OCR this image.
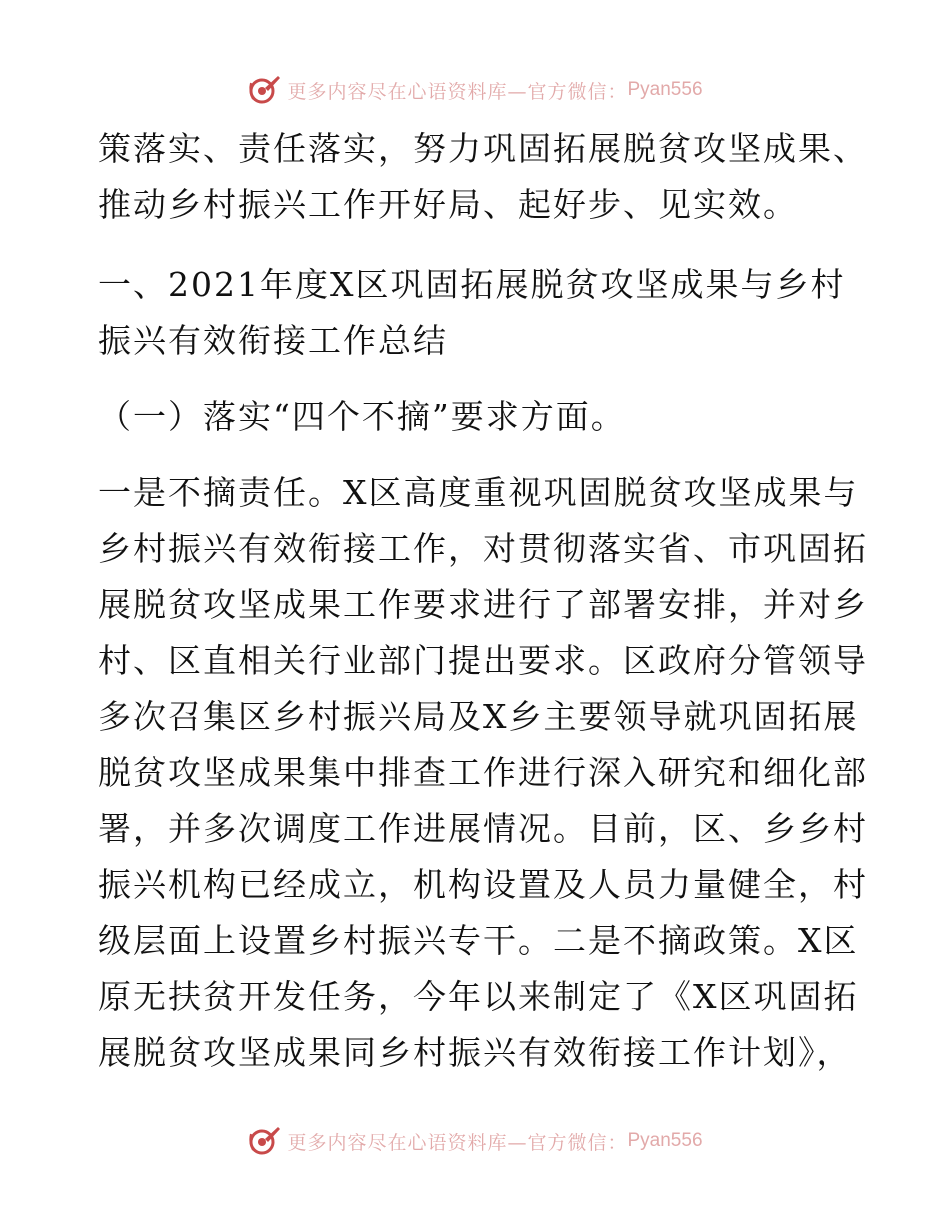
更多内容尽在心语资料库—官方微信： Pyan556
策落实、责任落实，努力巩固拓展脱贫攻坚成果、
推动乡村振兴工作开好局、起好步、见实效。
一、2021年度X区巩固拓展脱贫攻坚成果与乡村
振兴有效衔接工作总结
（一）落实“四个不摘”要求方面。
一是不摘责任。X区高度重视巩固脱贫攻坚成果与
乡村振兴有效衔接工作，对贯彻落实省、市巩固拓
展脱贫攻坚成果工作要求进行了部署安排，并对乡
村、区直相关行业部门提出要求。区政府分管领导
多次召集区乡村振兴局及X乡主要领导就巩固拓展
脱贫攻坚成果集中排查工作进行深入研究和细化部
署，并多次调度工作进展情况。目前，区、乡乡村
振兴机构已经成立，机构设置及人员力量健全，村
级层面上设置乡村振兴专干。二是不摘政策。X区
原无扶贫开发任务，今年以来制定了《X区巩固拓
展脱贫攻坚成果同乡村振兴有效衔接工作计划》，
更多内容尽在心语资料库—官方微信： Pyan556
